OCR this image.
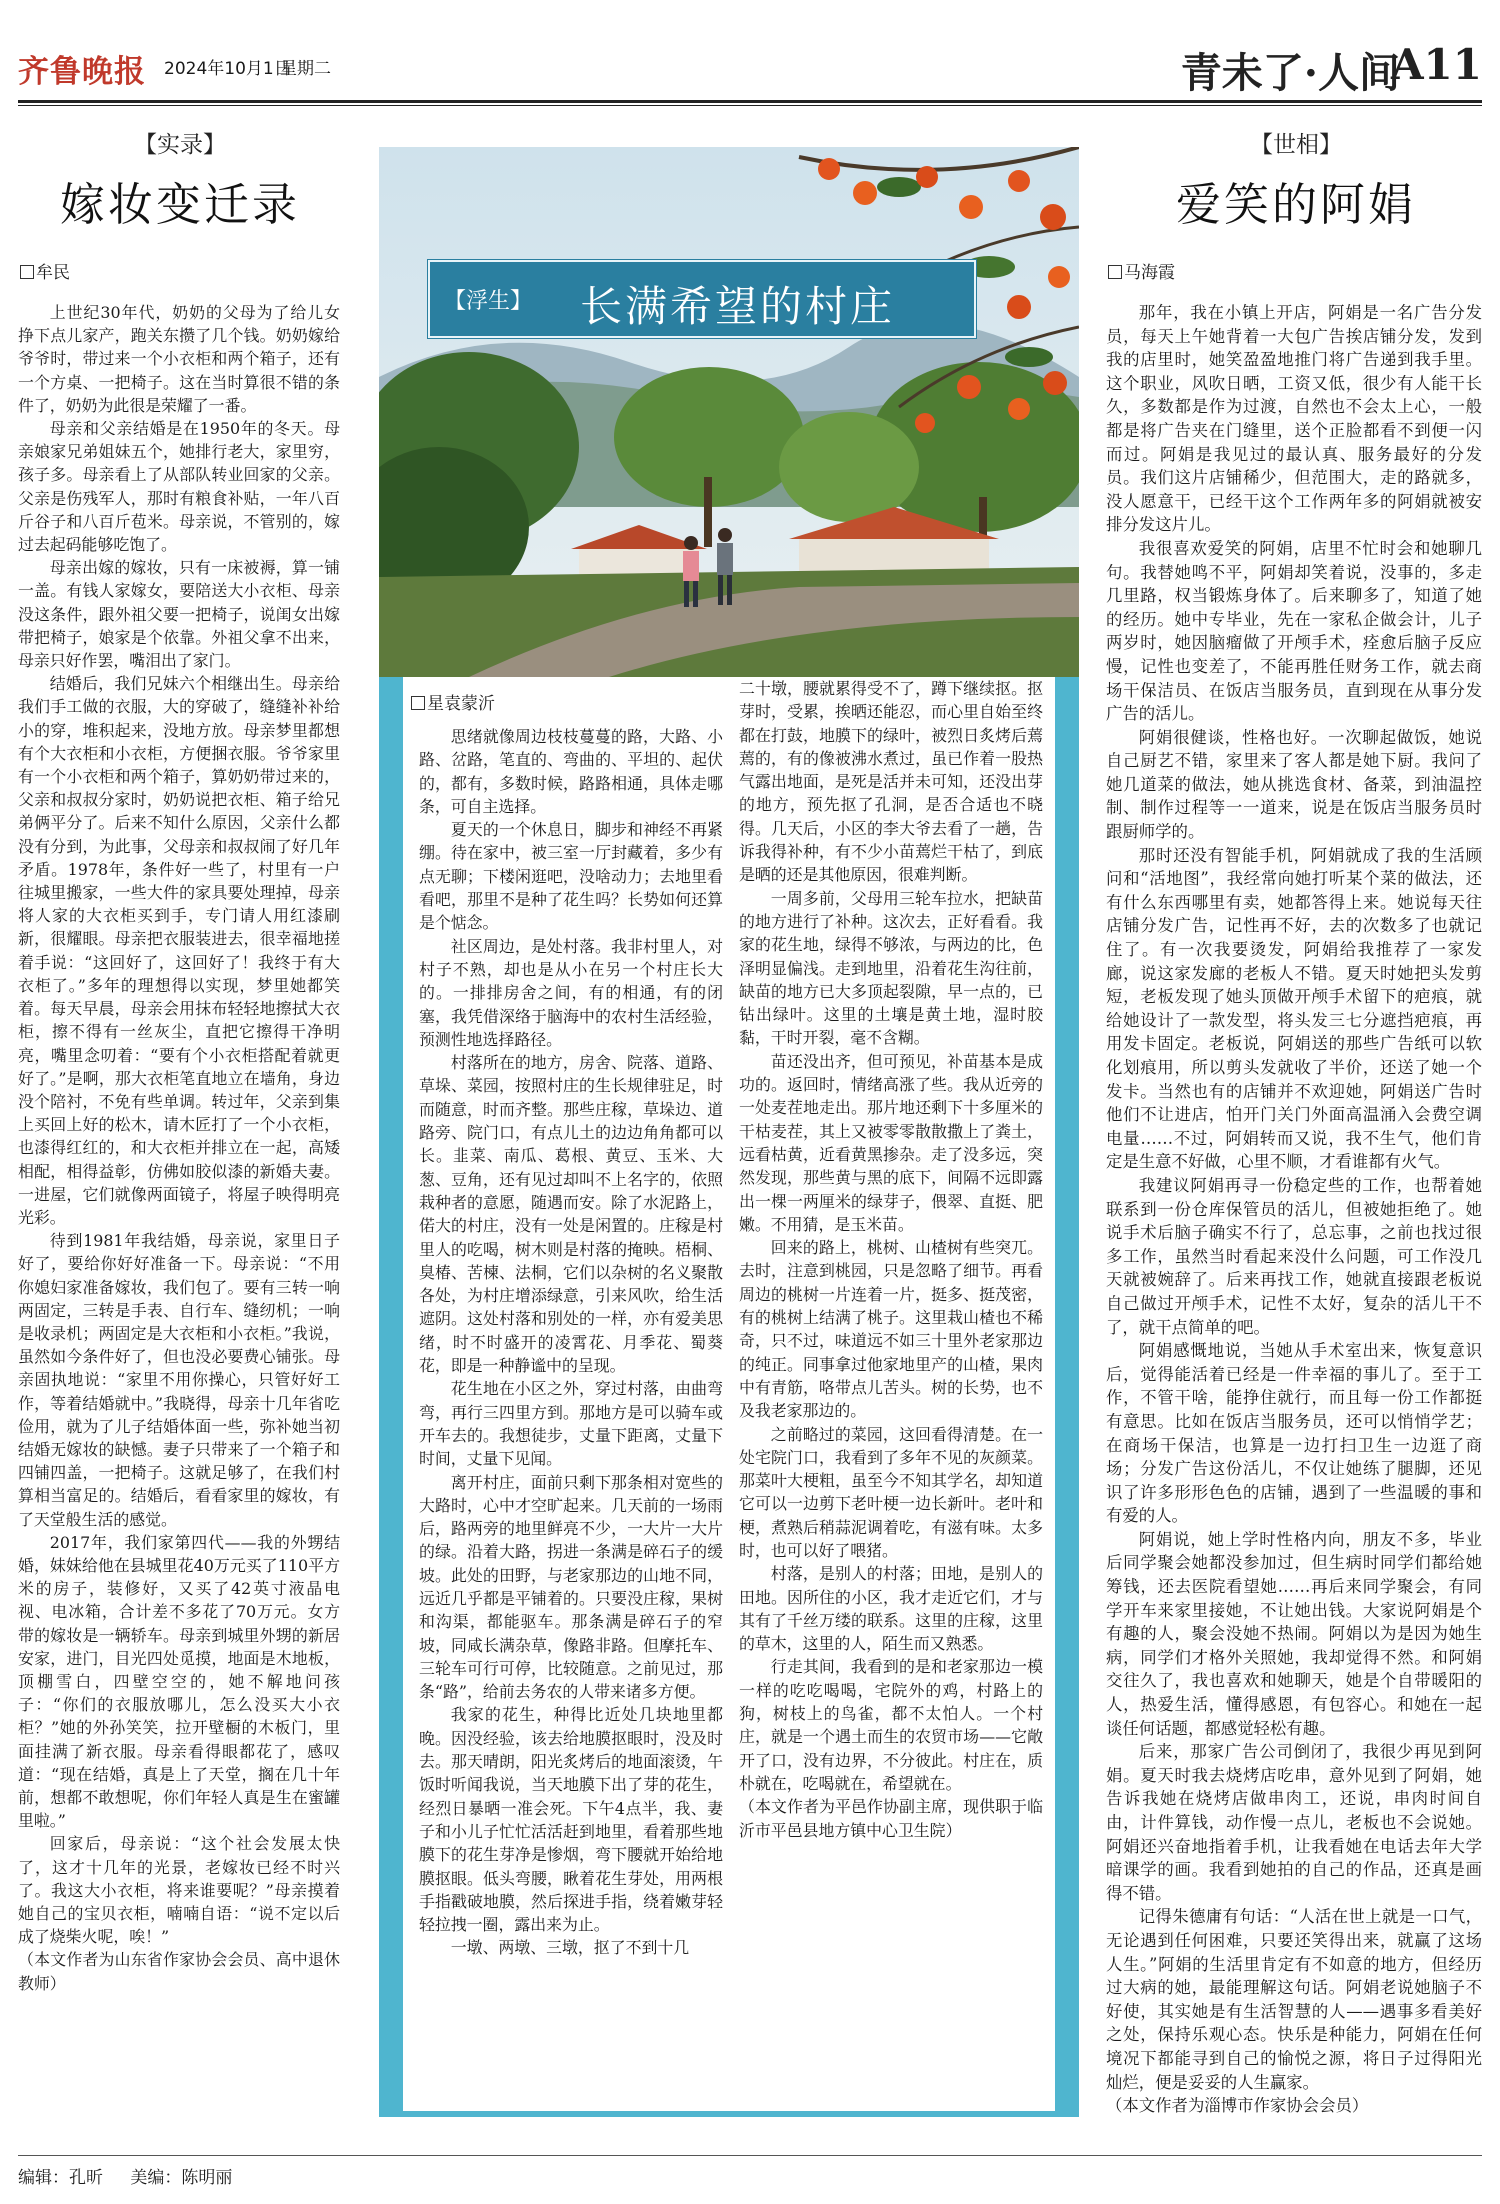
齐鲁晚报 2024年10月1日
星期二	青未了·人间
A11
【实录】
嫁妆变迁录
牟民

上世纪30年代，奶奶的父母为了给儿女挣下点儿家产，跑关东攒了几个钱。奶奶嫁给爷爷时，带过来一个小衣柜和两个箱子，还有一个方桌、一把椅子。这在当时算很不错的条件了，奶奶为此很是荣耀了一番。

母亲和父亲结婚是在1950年的冬天。母亲娘家兄弟姐妹五个，她排行老大，家里穷，孩子多。母亲看上了从部队转业回家的父亲。父亲是伤残军人，那时有粮食补贴，一年八百斤谷子和八百斤苞米。母亲说，不管别的，嫁过去起码能够吃饱了。

母亲出嫁的嫁妆，只有一床被褥，算一铺一盖。有钱人家嫁女，要陪送大小衣柜、母亲没这条件，跟外祖父要一把椅子，说闺女出嫁带把椅子，娘家是个依靠。外祖父拿不出来，母亲只好作罢，嘴泪出了家门。

结婚后，我们兄妹六个相继出生。母亲给我们手工做的衣服，大的穿破了，缝缝补补给小的穿，堆积起来，没地方放。母亲梦里都想有个大衣柜和小衣柜，方便捆衣服。爷爷家里有一个小衣柜和两个箱子，算奶奶带过来的，父亲和叔叔分家时，奶奶说把衣柜、箱子给兄弟俩平分了。后来不知什么原因，父亲什么都没有分到，为此事，父母亲和叔叔闹了好几年矛盾。1978年，条件好一些了，村里有一户往城里搬家，一些大件的家具要处理掉，母亲将人家的大衣柜买到手，专门请人用红漆刷新，很耀眼。母亲把衣服装进去，很幸福地搓着手说：“这回好了，这回好了！我终于有大衣柜了。”多年的理想得以实现，梦里她都笑着。每天早晨，母亲会用抹布轻轻地擦拭大衣柜，擦不得有一丝灰尘，直把它擦得干净明亮，嘴里念叨着：“要有个小衣柜搭配着就更好了。”是啊，那大衣柜笔直地立在墙角，身边没个陪衬，不免有些单调。转过年，父亲到集上买回上好的松木，请木匠打了一个小衣柜，也漆得红红的，和大衣柜并排立在一起，高矮相配，相得益彰，仿佛如胶似漆的新婚夫妻。一进屋，它们就像两面镜子，将屋子映得明亮光彩。

待到1981年我结婚，母亲说，家里日子好了，要给你好好准备一下。母亲说：“不用你媳妇家准备嫁妆，我们包了。要有三转一响两固定，三转是手表、自行车、缝纫机；一响是收录机；两固定是大衣柜和小衣柜。”我说，虽然如今条件好了，但也没必要费心铺张。母亲固执地说：“家里不用你操心，只管好好工作，等着结婚就中。”我晓得，母亲十几年省吃俭用，就为了儿子结婚体面一些，弥补她当初结婚无嫁妆的缺憾。妻子只带来了一个箱子和四铺四盖，一把椅子。这就足够了，在我们村算相当富足的。结婚后，看看家里的嫁妆，有了天堂般生活的感觉。

2017年，我们家第四代——我的外甥结婚，妹妹给他在县城里花40万元买了110平方米的房子，装修好，又买了42英寸液晶电视、电冰箱，合计差不多花了70万元。女方带的嫁妆是一辆轿车。母亲到城里外甥的新居安家，进门，目光四处觅摸，地面是木地板，顶棚雪白，四壁空空的，她不解地问孩子：“你们的衣服放哪儿，怎么没买大小衣柜？”她的外孙笑笑，拉开壁橱的木板门，里面挂满了新衣服。母亲看得眼都花了，感叹道：“现在结婚，真是上了天堂，搁在几十年前，想都不敢想呢，你们年轻人真是生在蜜罐里啦。”

回家后，母亲说：“这个社会发展太快了，这才十几年的光景，老嫁妆已经不时兴了。我这大小衣柜，将来谁要呢？”母亲摸着她自己的宝贝衣柜，喃喃自语：“说不定以后成了烧柴火呢，唉！”

（本文作者为山东省作家协会会员、高中退休教师）

【浮生】 长满希望的村庄
星袁蒙沂

思绪就像周边枝枝蔓蔓的路，大路、小路、岔路，笔直的、弯曲的、平坦的、起伏的，都有，多数时候，路路相通，具体走哪条，可自主选择。

夏天的一个休息日，脚步和神经不再紧绷。待在家中，被三室一厅封藏着，多少有点无聊；下楼闲逛吧，没啥动力；去地里看看吧，那里不是种了花生吗？长势如何还算是个惦念。

社区周边，是处村落。我非村里人，对村子不熟，却也是从小在另一个村庄长大的。一排排房舍之间，有的相通，有的闭塞，我凭借深络于脑海中的农村生活经验，预测性地选择路径。

村落所在的地方，房舍、院落、道路、草垛、菜园，按照村庄的生长规律驻足，时而随意，时而齐整。那些庄稼，草垛边、道路旁、院门口，有点儿土的边边角角都可以长。韭菜、南瓜、葛根、黄豆、玉米、大葱、豆角，还有见过却叫不上名字的，依照栽种者的意愿，随遇而安。除了水泥路上，偌大的村庄，没有一处是闲置的。庄稼是村里人的吃喝，树木则是村落的掩映。梧桐、臭椿、苦楝、法桐，它们以杂树的名义聚散各处，为村庄增添绿意，引来风吹，给生活遮阴。这处村落和别处的一样，亦有爱美思绪，时不时盛开的凌霄花、月季花、蜀葵花，即是一种静谧中的呈现。

花生地在小区之外，穿过村落，由曲弯弯，再行三四里方到。那地方是可以骑车或开车去的。我想徒步，丈量下距离，丈量下时间，丈量下见闻。

离开村庄，面前只剩下那条相对宽些的大路时，心中才空旷起来。几天前的一场雨后，路两旁的地里鲜亮不少，一大片一大片的绿。沿着大路，拐进一条满是碎石子的缓坡。此处的田野，与老家那边的山地不同，远近几乎都是平铺着的。只要没庄稼，果树和沟渠，都能驱车。那条满是碎石子的窄坡，同咸长满杂草，像路非路。但摩托车、三轮车可行可停，比较随意。之前见过，那条“路”，给前去务农的人带来诸多方便。

我家的花生，种得比近处几块地里都晚。因没经验，该去给地膜抠眼时，没及时去。那天晴朗，阳光炙烤后的地面滚烫，午饭时听闻我说，当天地膜下出了芽的花生，经烈日暴晒一准会死。下午4点半，我、妻子和小儿子忙忙活活赶到地里，看着那些地膜下的花生芽净是惨烟，弯下腰就开始给地膜抠眼。低头弯腰，瞅着花生芽处，用两根手指戳破地膜，然后探进手指，绕着嫩芽轻轻拉拽一圈，露出来为止。

一墩、两墩、三墩，抠了不到十几

二十墩，腰就累得受不了，蹲下继续抠。抠芽时，受累，挨晒还能忍，而心里自始至终都在打鼓，地膜下的绿叶，被烈日炙烤后蔫蔫的，有的像被沸水煮过，虽已作着一股热气露出地面，是死是活并未可知，还没出芽的地方，预先抠了孔洞，是否合适也不晓得。几天后，小区的李大爷去看了一趟，告诉我得补种，有不少小苗蔫烂干枯了，到底是晒的还是其他原因，很难判断。

一周多前，父母用三轮车拉水，把缺苗的地方进行了补种。这次去，正好看看。我家的花生地，绿得不够浓，与两边的比，色泽明显偏浅。走到地里，沿着花生沟往前，缺苗的地方已大多顶起裂隙，早一点的，已钻出绿叶。这里的土壤是黄土地，湿时胶黏，干时开裂，毫不含糊。

苗还没出齐，但可预见，补苗基本是成功的。返回时，情绪高涨了些。我从近旁的一处麦茬地走出。那片地还剩下十多厘米的干枯麦茬，其上又被零零散散撒上了粪土，远看枯黄，近看黄黑掺杂。走了没多远，突然发现，那些黄与黑的底下，间隔不远即露出一棵一两厘米的绿芽子，偎翠、直挺、肥嫩。不用猜，是玉米苗。

回来的路上，桃树、山楂树有些突兀。去时，注意到桃园，只是忽略了细节。再看周边的桃树一片连着一片，挺多、挺茂密，有的桃树上结满了桃子。这里栽山楂也不稀奇，只不过，味道远不如三十里外老家那边的纯正。同事拿过他家地里产的山楂，果肉中有青筋，咯带点儿苦头。树的长势，也不及我老家那边的。

之前略过的菜园，这回看得清楚。在一处宅院门口，我看到了多年不见的灰颜菜。那菜叶大梗粗，虽至今不知其学名，却知道它可以一边剪下老叶梗一边长新叶。老叶和梗，煮熟后稍蒜泥调着吃，有滋有味。太多时，也可以好了喂猪。

村落，是别人的村落；田地，是别人的田地。因所住的小区，我才走近它们，才与其有了千丝万缕的联系。这里的庄稼，这里的草木，这里的人，陌生而又熟悉。

行走其间，我看到的是和老家那边一模一样的吃吃喝喝，宅院外的鸡，村路上的狗，树枝上的鸟雀，都不太怕人。一个村庄，就是一个遇土而生的农贸市场——它敞开了口，没有边界，不分彼此。村庄在，质朴就在，吃喝就在，希望就在。

（本文作者为平邑作协副主席，现供职于临沂市平邑县地方镇中心卫生院）

【世相】
爱笑的阿娟
马海霞

那年，我在小镇上开店，阿娟是一名广告分发员，每天上午她背着一大包广告挨店铺分发，发到我的店里时，她笑盈盈地推门将广告递到我手里。这个职业，风吹日晒，工资又低，很少有人能干长久，多数都是作为过渡，自然也不会太上心，一般都是将广告夹在门缝里，送个正脸都看不到便一闪而过。阿娟是我见过的最认真、服务最好的分发员。我们这片店铺稀少，但范围大，走的路就多，没人愿意干，已经干这个工作两年多的阿娟就被安排分发这片儿。

我很喜欢爱笑的阿娟，店里不忙时会和她聊几句。我替她鸣不平，阿娟却笑着说，没事的，多走几里路，权当锻炼身体了。后来聊多了，知道了她的经历。她中专毕业，先在一家私企做会计，儿子两岁时，她因脑瘤做了开颅手术，痊愈后脑子反应慢，记性也变差了，不能再胜任财务工作，就去商场干保洁员、在饭店当服务员，直到现在从事分发广告的活儿。

阿娟很健谈，性格也好。一次聊起做饭，她说自己厨艺不错，家里来了客人都是她下厨。我问了她几道菜的做法，她从挑选食材、备菜，到油温控制、制作过程等一一道来，说是在饭店当服务员时跟厨师学的。

那时还没有智能手机，阿娟就成了我的生活顾问和“活地图”，我经常向她打听某个菜的做法，还有什么东西哪里有卖，她都答得上来。她说每天往店铺分发广告，记性再不好，去的次数多了也就记住了。有一次我要烫发，阿娟给我推荐了一家发廊，说这家发廊的老板人不错。夏天时她把头发剪短，老板发现了她头顶做开颅手术留下的疤痕，就给她设计了一款发型，将头发三七分遮挡疤痕，再用发卡固定。老板说，阿娟送的那些广告纸可以软化划痕用，所以剪头发就收了半价，还送了她一个发卡。当然也有的店铺并不欢迎她，阿娟送广告时他们不让进店，怕开门关门外面高温涌入会费空调电量……不过，阿娟转而又说，我不生气，他们肯定是生意不好做，心里不顺，才看谁都有火气。

我建议阿娟再寻一份稳定些的工作，也帮着她联系到一份仓库保管员的活儿，但被她拒绝了。她说手术后脑子确实不行了，总忘事，之前也找过很多工作，虽然当时看起来没什么问题，可工作没几天就被婉辞了。后来再找工作，她就直接跟老板说自己做过开颅手术，记性不太好，复杂的活儿干不了，就干点简单的吧。

阿娟感慨地说，当她从手术室出来，恢复意识后，觉得能活着已经是一件幸福的事儿了。至于工作，不管干啥，能挣住就行，而且每一份工作都挺有意思。比如在饭店当服务员，还可以悄悄学艺；在商场干保洁，也算是一边打扫卫生一边逛了商场；分发广告这份活儿，不仅让她练了腿脚，还见识了许多形形色色的店铺，遇到了一些温暖的事和有爱的人。

阿娟说，她上学时性格内向，朋友不多，毕业后同学聚会她都没参加过，但生病时同学们都给她筹钱，还去医院看望她……再后来同学聚会，有同学开车来家里接她，不让她出钱。大家说阿娟是个有趣的人，聚会没她不热闹。阿娟以为是因为她生病，同学们才格外关照她，我却觉得不然。和阿娟交往久了，我也喜欢和她聊天，她是个自带暖阳的人，热爱生活，懂得感恩，有包容心。和她在一起谈任何话题，都感觉轻松有趣。

后来，那家广告公司倒闭了，我很少再见到阿娟。夏天时我去烧烤店吃串，意外见到了阿娟，她告诉我她在烧烤店做串肉工，还说，串肉时间自由，计件算钱，动作慢一点儿，老板也不会说她。阿娟还兴奋地指着手机，让我看她在电话去年大学暗课学的画。我看到她拍的自己的作品，还真是画得不错。

记得朱德庸有句话：“人活在世上就是一口气，无论遇到任何困难，只要还笑得出来，就赢了这场人生。”阿娟的生活里肯定有不如意的地方，但经历过大病的她，最能理解这句话。阿娟老说她脑子不好使，其实她是有生活智慧的人——遇事多看美好之处，保持乐观心态。快乐是种能力，阿娟在任何境况下都能寻到自己的愉悦之源，将日子过得阳光灿烂，便是妥妥的人生赢家。

（本文作者为淄博市作家协会会员）

编辑：孔昕 美编：陈明丽
